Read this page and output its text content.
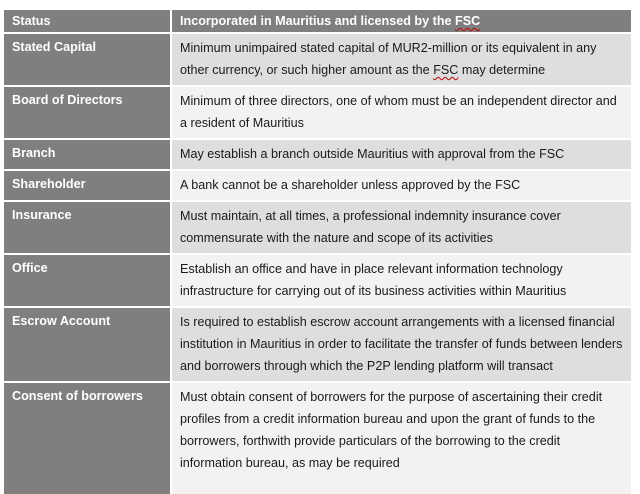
Status	Incorporated in Mauritius and licensed by the FSC
Stated Capital	Minimum unimpaired stated capital of MUR2-million or its equivalent in any other currency, or such higher amount as the FSC may determine
Board of Directors	Minimum of three directors, one of whom must be an independent director and a resident of Mauritius
Branch	May establish a branch outside Mauritius with approval from the FSC
Shareholder	A bank cannot be a shareholder unless approved by the FSC
Insurance	Must maintain, at all times, a professional indemnity insurance cover commensurate with the nature and scope of its activities
Office	Establish an office and have in place relevant information technology infrastructure for carrying out of its business activities within Mauritius
Escrow Account	Is required to establish escrow account arrangements with a licensed financial institution in Mauritius in order to facilitate the transfer of funds between lenders and borrowers through which the P2P lending platform will transact
Consent of borrowers	Must obtain consent of borrowers for the purpose of ascertaining their credit profiles from a credit information bureau and upon the grant of funds to the borrowers, forthwith provide particulars of the borrowing to the credit information bureau, as may be required
